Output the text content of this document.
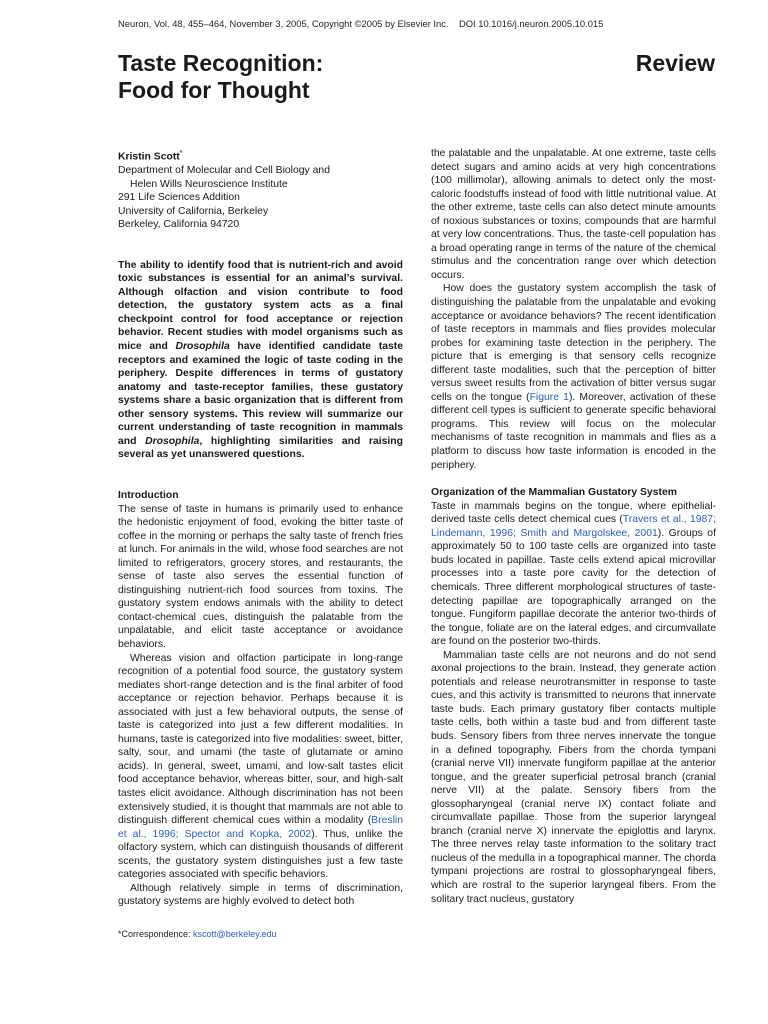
Neuron, Vol. 48, 455–464, November 3, 2005, Copyright ©2005 by Elsevier Inc. DOI 10.1016/j.neuron.2005.10.015
Taste Recognition:
Food for Thought
Review

Kristin Scott*

Department of Molecular and Cell Biology and
Helen Wills Neuroscience Institute
291 Life Sciences Addition
University of California, Berkeley
Berkeley, California 94720

The ability to identify food that is nutrient-rich and avoid toxic substances is essential for an animal’s survival. Although olfaction and vision contribute to food detection, the gustatory system acts as a final checkpoint control for food acceptance or rejection behavior. Recent studies with model organisms such as mice and Drosophila have identified candidate taste receptors and examined the logic of taste coding in the periphery. Despite differences in terms of gustatory anatomy and taste-receptor families, these gustatory systems share a basic organization that is different from other sensory systems. This review will summarize our current understanding of taste recognition in mammals and Drosophila, highlighting similarities and raising several as yet unanswered questions.

Introduction

The sense of taste in humans is primarily used to enhance the hedonistic enjoyment of food, evoking the bitter taste of coffee in the morning or perhaps the salty taste of french fries at lunch. For animals in the wild, whose food searches are not limited to refrigerators, grocery stores, and restaurants, the sense of taste also serves the essential function of distinguishing nutrient-rich food sources from toxins. The gustatory system endows animals with the ability to detect contact-chemical cues, distinguish the palatable from the unpalatable, and elicit taste acceptance or avoidance behaviors.

Whereas vision and olfaction participate in long-range recognition of a potential food source, the gustatory system mediates short-range detection and is the final arbiter of food acceptance or rejection behavior. Perhaps because it is associated with just a few behavioral outputs, the sense of taste is categorized into just a few different modalities. In humans, taste is categorized into five modalities: sweet, bitter, salty, sour, and umami (the taste of glutamate or amino acids). In general, sweet, umami, and low-salt tastes elicit food acceptance behavior, whereas bitter, sour, and high-salt tastes elicit avoidance. Although discrimination has not been extensively studied, it is thought that mammals are not able to distinguish different chemical cues within a modality (Breslin et al., 1996; Spector and Kopka, 2002). Thus, unlike the olfactory system, which can distinguish thousands of different scents, the gustatory system distinguishes just a few taste categories associated with specific behaviors.

Although relatively simple in terms of discrimination, gustatory systems are highly evolved to detect both

the palatable and the unpalatable. At one extreme, taste cells detect sugars and amino acids at very high concentrations (100 millimolar), allowing animals to detect only the most-caloric foodstuffs instead of food with little nutritional value. At the other extreme, taste cells can also detect minute amounts of noxious substances or toxins, compounds that are harmful at very low concentrations. Thus, the taste-cell population has a broad operating range in terms of the nature of the chemical stimulus and the concentration range over which detection occurs.

How does the gustatory system accomplish the task of distinguishing the palatable from the unpalatable and evoking acceptance or avoidance behaviors? The recent identification of taste receptors in mammals and flies provides molecular probes for examining taste detection in the periphery. The picture that is emerging is that sensory cells recognize different taste modalities, such that the perception of bitter versus sweet results from the activation of bitter versus sugar cells on the tongue (Figure 1). Moreover, activation of these different cell types is sufficient to generate specific behavioral programs. This review will focus on the molecular mechanisms of taste recognition in mammals and flies as a platform to discuss how taste information is encoded in the periphery.

Organization of the Mammalian Gustatory System

Taste in mammals begins on the tongue, where epithelial-derived taste cells detect chemical cues (Travers et al., 1987; Lindemann, 1996; Smith and Margolskee, 2001). Groups of approximately 50 to 100 taste cells are organized into taste buds located in papillae. Taste cells extend apical microvillar processes into a taste pore cavity for the detection of chemicals. Three different morphological structures of taste-detecting papillae are topographically arranged on the tongue. Fungiform papillae decorate the anterior two-thirds of the tongue, foliate are on the lateral edges, and circumvallate are found on the posterior two-thirds.

Mammalian taste cells are not neurons and do not send axonal projections to the brain. Instead, they generate action potentials and release neurotransmitter in response to taste cues, and this activity is transmitted to neurons that innervate taste buds. Each primary gustatory fiber contacts multiple taste cells, both within a taste bud and from different taste buds. Sensory fibers from three nerves innervate the tongue in a defined topography. Fibers from the chorda tympani (cranial nerve VII) innervate fungiform papillae at the anterior tongue, and the greater superficial petrosal branch (cranial nerve VII) at the palate. Sensory fibers from the glossopharyngeal (cranial nerve IX) contact foliate and circumvallate papillae. Those from the superior laryngeal branch (cranial nerve X) innervate the epiglottis and larynx. The three nerves relay taste information to the solitary tract nucleus of the medulla in a topographical manner. The chorda tympani projections are rostral to glossopharyngeal fibers, which are rostral to the superior laryngeal fibers. From the solitary tract nucleus, gustatory

*Correspondence: kscott@berkeley.edu
